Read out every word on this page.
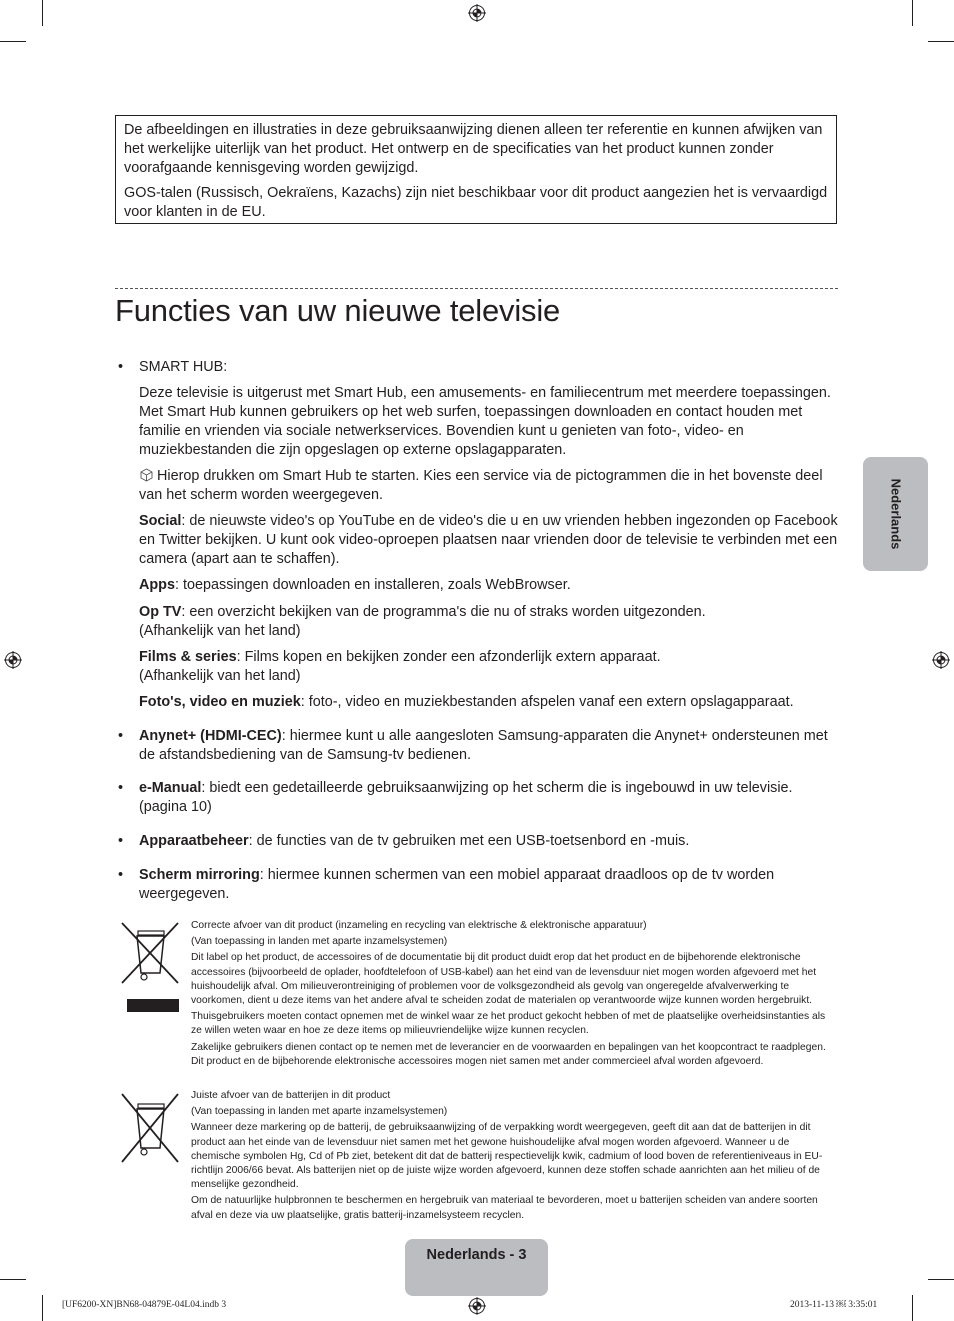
De afbeeldingen en illustraties in deze gebruiksaanwijzing dienen alleen ter referentie en kunnen afwijken van het werkelijke uiterlijk van het product. Het ontwerp en de specificaties van het product kunnen zonder voorafgaande kennisgeving worden gewijzigd.

GOS-talen (Russisch, Oekraïens, Kazachs) zijn niet beschikbaar voor dit product aangezien het is vervaardigd voor klanten in de EU.

Functies van uw nieuwe televisie
• SMART HUB:

Deze televisie is uitgerust met Smart Hub, een amusements- en familiecentrum met meerdere toepassingen. Met Smart Hub kunnen gebruikers op het web surfen, toepassingen downloaden en contact houden met familie en vrienden via sociale netwerkservices. Bovendien kunt u genieten van foto-, video- en muziekbestanden die zijn opgeslagen op externe opslagapparaten.

Hierop drukken om Smart Hub te starten. Kies een service via de pictogrammen die in het bovenste deel van het scherm worden weergegeven.

Social: de nieuwste video's op YouTube en de video's die u en uw vrienden hebben ingezonden op Facebook en Twitter bekijken. U kunt ook video-oproepen plaatsen naar vrienden door de televisie te verbinden met een camera (apart aan te schaffen).

Apps: toepassingen downloaden en installeren, zoals WebBrowser.

Op TV: een overzicht bekijken van de programma's die nu of straks worden uitgezonden.

(Afhankelijk van het land)

Films & series: Films kopen en bekijken zonder een afzonderlijk extern apparaat.

(Afhankelijk van het land)

Foto's, video en muziek: foto-, video en muziekbestanden afspelen vanaf een extern opslagapparaat.

• Anynet+ (HDMI-CEC): hiermee kunt u alle aangesloten Samsung-apparaten die Anynet+ ondersteunen met de afstandsbediening van de Samsung-tv bedienen.

• e-Manual: biedt een gedetailleerde gebruiksaanwijzing op het scherm die is ingebouwd in uw televisie.

(pagina 10)

• Apparaatbeheer: de functies van de tv gebruiken met een USB-toetsenbord en -muis.

• Scherm mirroring: hiermee kunnen schermen van een mobiel apparaat draadloos op de tv worden weergegeven.

Nederlands

Correcte afvoer van dit product (inzameling en recycling van elektrische & elektronische apparatuur)

(Van toepassing in landen met aparte inzamelsystemen)

Dit label op het product, de accessoires of de documentatie bij dit product duidt erop dat het product en de bijbehorende elektronische accessoires (bijvoorbeeld de oplader, hoofdtelefoon of USB-kabel) aan het eind van de levensduur niet mogen worden afgevoerd met het huishoudelijk afval. Om milieuverontreiniging of problemen voor de volksgezondheid als gevolg van ongeregelde afvalverwerking te voorkomen, dient u deze items van het andere afval te scheiden zodat de materialen op verantwoorde wijze kunnen worden hergebruikt.

Thuisgebruikers moeten contact opnemen met de winkel waar ze het product gekocht hebben of met de plaatselijke overheidsinstanties als ze willen weten waar en hoe ze deze items op milieuvriendelijke wijze kunnen recyclen.

Zakelijke gebruikers dienen contact op te nemen met de leverancier en de voorwaarden en bepalingen van het koopcontract te raadplegen. Dit product en de bijbehorende elektronische accessoires mogen niet samen met ander commercieel afval worden afgevoerd.

Juiste afvoer van de batterijen in dit product

(Van toepassing in landen met aparte inzamelsystemen)

Wanneer deze markering op de batterij, de gebruiksaanwijzing of de verpakking wordt weergegeven, geeft dit aan dat de batterijen in dit product aan het einde van de levensduur niet samen met het gewone huishoudelijke afval mogen worden afgevoerd. Wanneer u de chemische symbolen Hg, Cd of Pb ziet, betekent dit dat de batterij respectievelijk kwik, cadmium of lood boven de referentieniveaus in EU-richtlijn 2006/66 bevat. Als batterijen niet op de juiste wijze worden afgevoerd, kunnen deze stoffen schade aanrichten aan het milieu of de menselijke gezondheid.

Om de natuurlijke hulpbronnen te beschermen en hergebruik van materiaal te bevorderen, moet u batterijen scheiden van andere soorten afval en deze via uw plaatselijke, gratis batterij-inzamelsysteem recyclen.

Nederlands - 3
[UF6200-XN]BN68-04879E-04L04.indb 3	2013-11-13 ￼ 3:35:01
